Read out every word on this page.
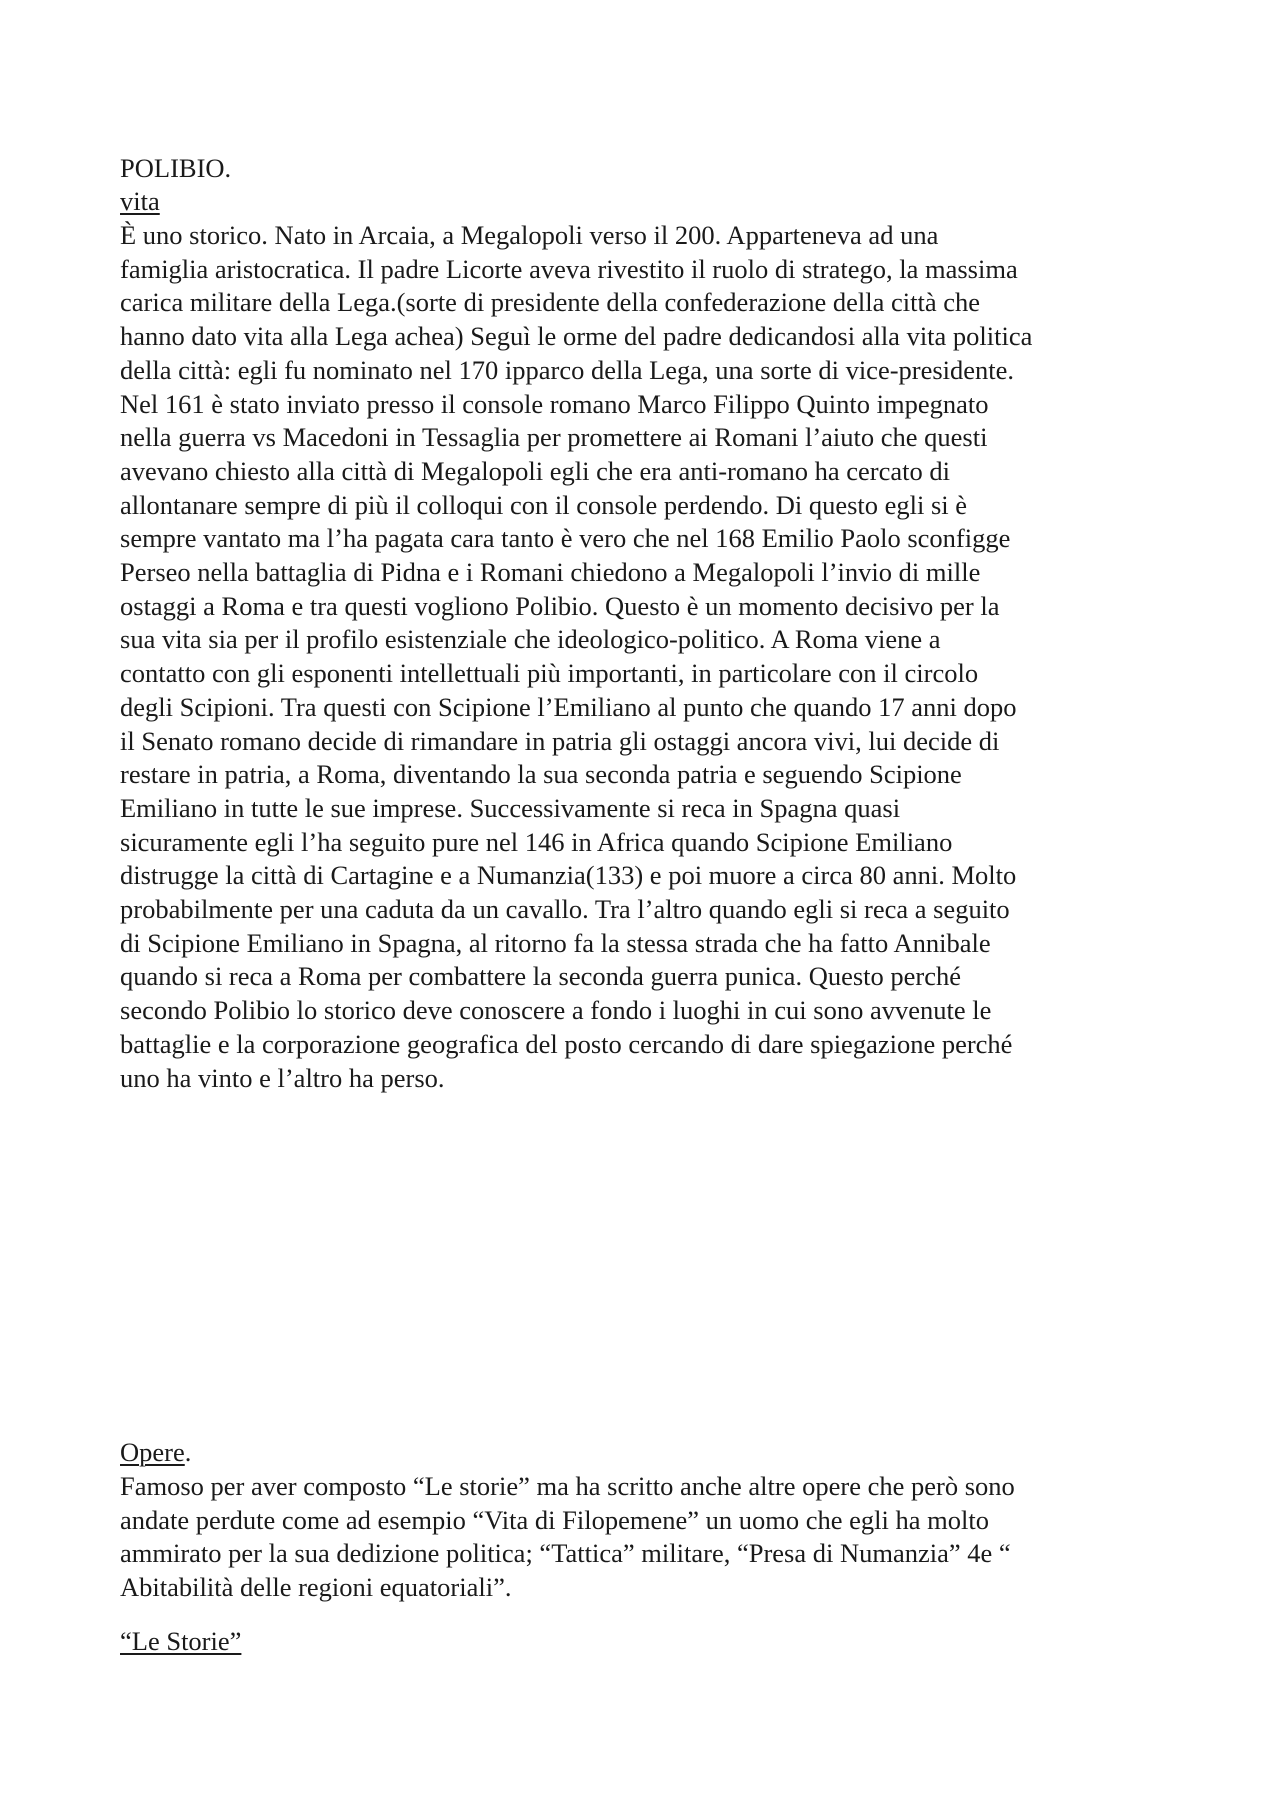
POLIBIO.
vita
È uno storico. Nato in Arcaia, a Megalopoli verso il 200. Apparteneva ad una
famiglia aristocratica. Il padre Licorte aveva rivestito il ruolo di stratego, la massima
carica militare della Lega.(sorte di presidente della confederazione della città che
hanno dato vita alla Lega achea) Seguì le orme del padre dedicandosi alla vita politica
della città: egli fu nominato nel 170 ipparco della Lega, una sorte di vice-presidente.
Nel 161 è stato inviato presso il console romano Marco Filippo Quinto impegnato
nella guerra vs Macedoni in Tessaglia per promettere ai Romani l’aiuto che questi
avevano chiesto alla città di Megalopoli egli che era anti-romano ha cercato di
allontanare sempre di più il colloqui con il console perdendo. Di questo egli si è
sempre vantato ma l’ha pagata cara tanto è vero che nel 168 Emilio Paolo sconfigge
Perseo nella battaglia di Pidna e i Romani chiedono a Megalopoli l’invio di mille
ostaggi a Roma e tra questi vogliono Polibio. Questo è un momento decisivo per la
sua vita sia per il profilo esistenziale che ideologico-politico. A Roma viene a
contatto con gli esponenti intellettuali più importanti, in particolare con il circolo
degli Scipioni. Tra questi con Scipione l’Emiliano al punto che quando 17 anni dopo
il Senato romano decide di rimandare in patria gli ostaggi ancora vivi, lui decide di
restare in patria, a Roma, diventando la sua seconda patria e seguendo Scipione
Emiliano in tutte le sue imprese. Successivamente si reca in Spagna quasi
sicuramente egli l’ha seguito pure nel 146 in Africa quando Scipione Emiliano
distrugge la città di Cartagine e a Numanzia(133) e poi muore a circa 80 anni. Molto
probabilmente per una caduta da un cavallo. Tra l’altro quando egli si reca a seguito
di Scipione Emiliano in Spagna, al ritorno fa la stessa strada che ha fatto Annibale
quando si reca a Roma per combattere la seconda guerra punica. Questo perché
secondo Polibio lo storico deve conoscere a fondo i luoghi in cui sono avvenute le
battaglie e la corporazione geografica del posto cercando di dare spiegazione perché
uno ha vinto e l’altro ha perso.
Opere.
Famoso per aver composto “Le storie” ma ha scritto anche altre opere che però sono
andate perdute come ad esempio “Vita di Filopemene” un uomo che egli ha molto
ammirato per la sua dedizione politica; “Tattica” militare, “Presa di Numanzia” 4e “
Abitabilità delle regioni equatoriali”.
“Le Storie”
